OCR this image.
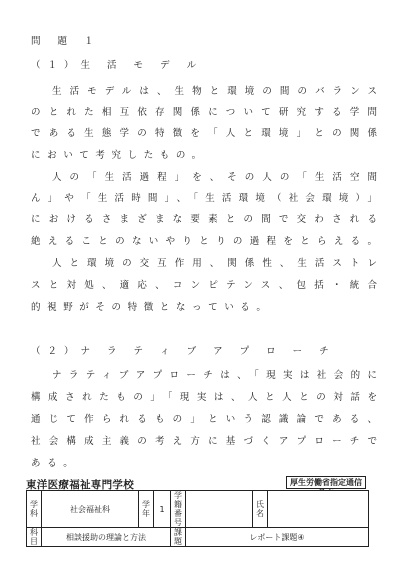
問 題 １
（１）生 活 モ デ ル
生活モデルは、生物と環境の間のバランス
のとれた相互依存関係について研究する学問
である生態学の特徴を「人と環境」との関係
において考究したもの。
人の「生活過程」を、その人の「生活空間
ん」や「生活時間」、「生活環境（社会環境）」
におけるさまざまな要素との間で交わされる
絶えることのないやりとりの過程をとらえる。
人と環境の交互作用、関係性、生活ストレ
スと対処、適応、コンピテンス、包括・統合
的視野がその特徴となっている。
（２）ナ ラ テ ィ ブ ア プ ロ ー チ
ナラティブアプローチは、「現実は社会的に
構成されたもの」「現実は、人と人との対話を
通じて作られるもの」という認識論である、
社会構成主義の考え方に基づくアプローチで
ある。
東洋医療福祉専門学校	厚生労働省指定通信
学科	社会福祉科	学年	1	学籍番号		氏名	
科目	相談援助の理論と方法			課題	レポート課題④		
